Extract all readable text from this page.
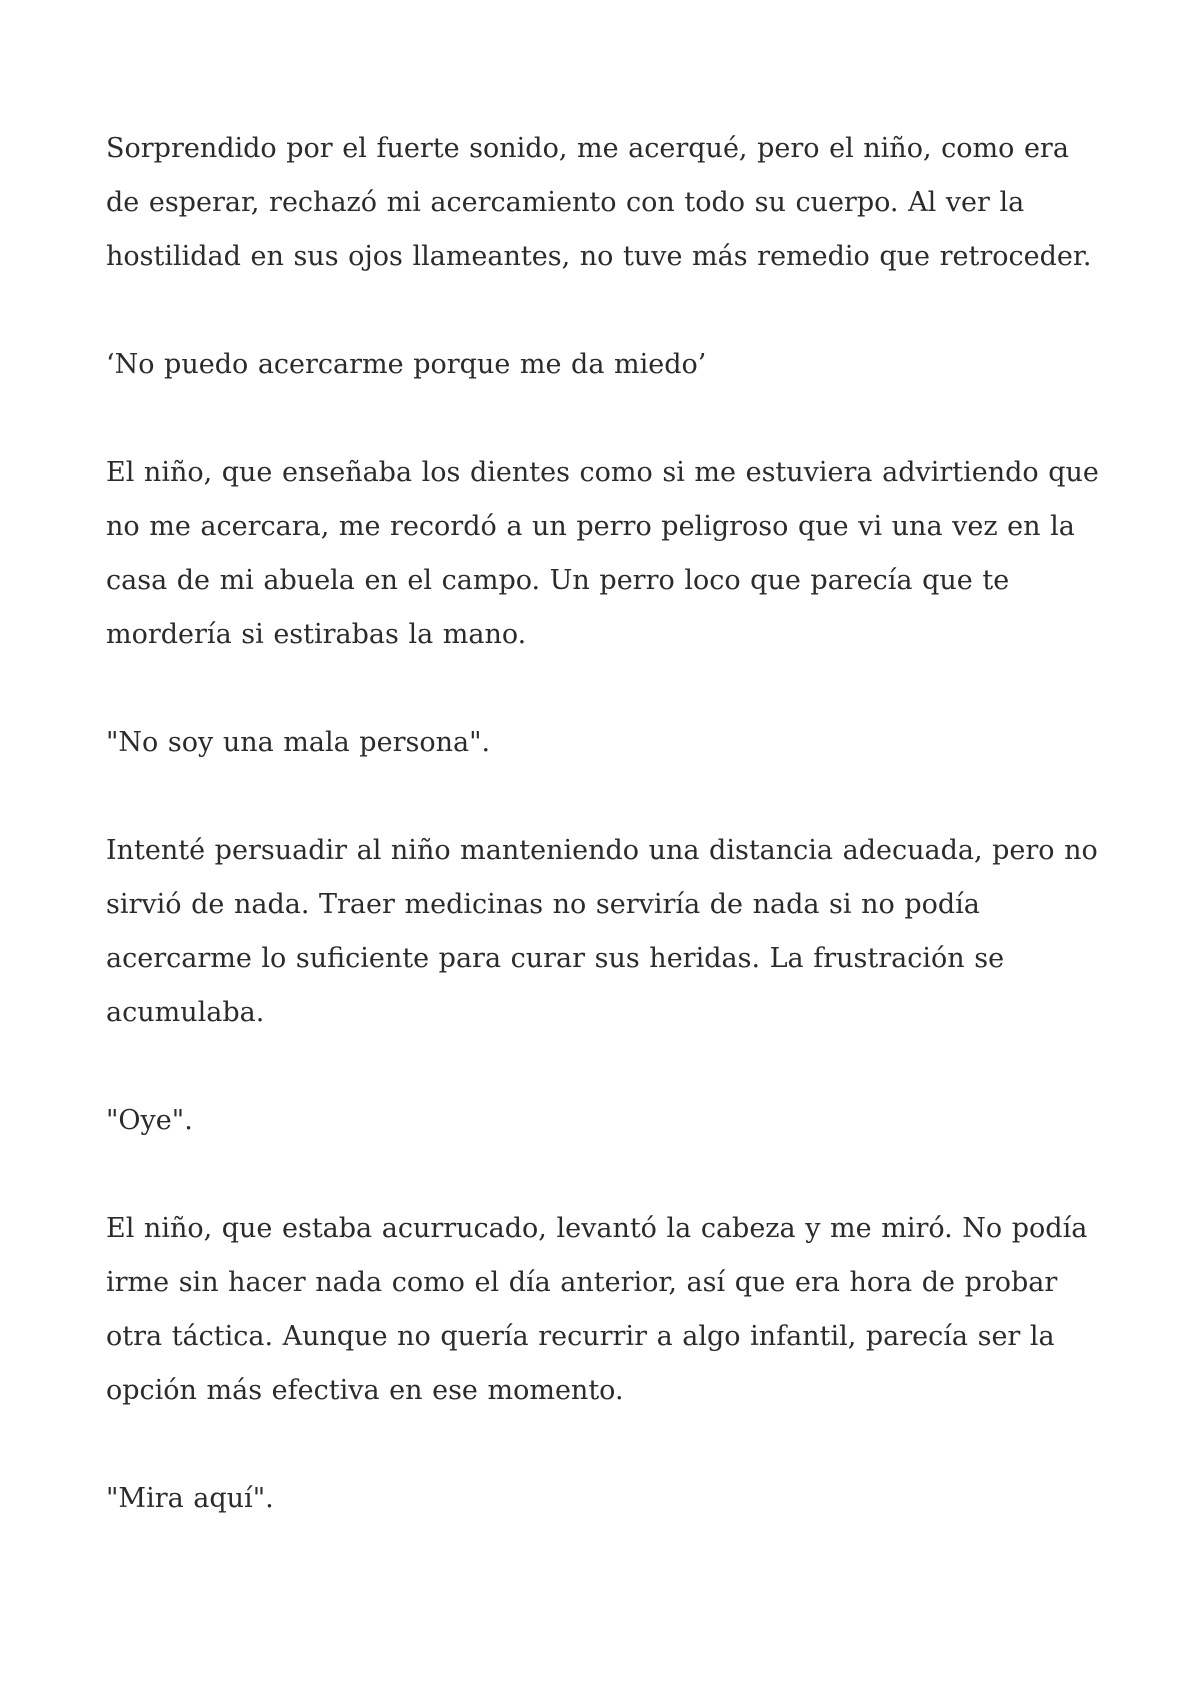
Sorprendido por el fuerte sonido, me acerqué, pero el niño, como era de esperar, rechazó mi acercamiento con todo su cuerpo. Al ver la hostilidad en sus ojos llameantes, no tuve más remedio que retroceder.

‘No puedo acercarme porque me da miedo’

El niño, que enseñaba los dientes como si me estuviera advirtiendo que no me acercara, me recordó a un perro peligroso que vi una vez en la casa de mi abuela en el campo. Un perro loco que parecía que te mordería si estirabas la mano.

"No soy una mala persona".

Intenté persuadir al niño manteniendo una distancia adecuada, pero no sirvió de nada. Traer medicinas no serviría de nada si no podía acercarme lo suficiente para curar sus heridas. La frustración se acumulaba.

"Oye".

El niño, que estaba acurrucado, levantó la cabeza y me miró. No podía irme sin hacer nada como el día anterior, así que era hora de probar otra táctica. Aunque no quería recurrir a algo infantil, parecía ser la opción más efectiva en ese momento.

"Mira aquí".
